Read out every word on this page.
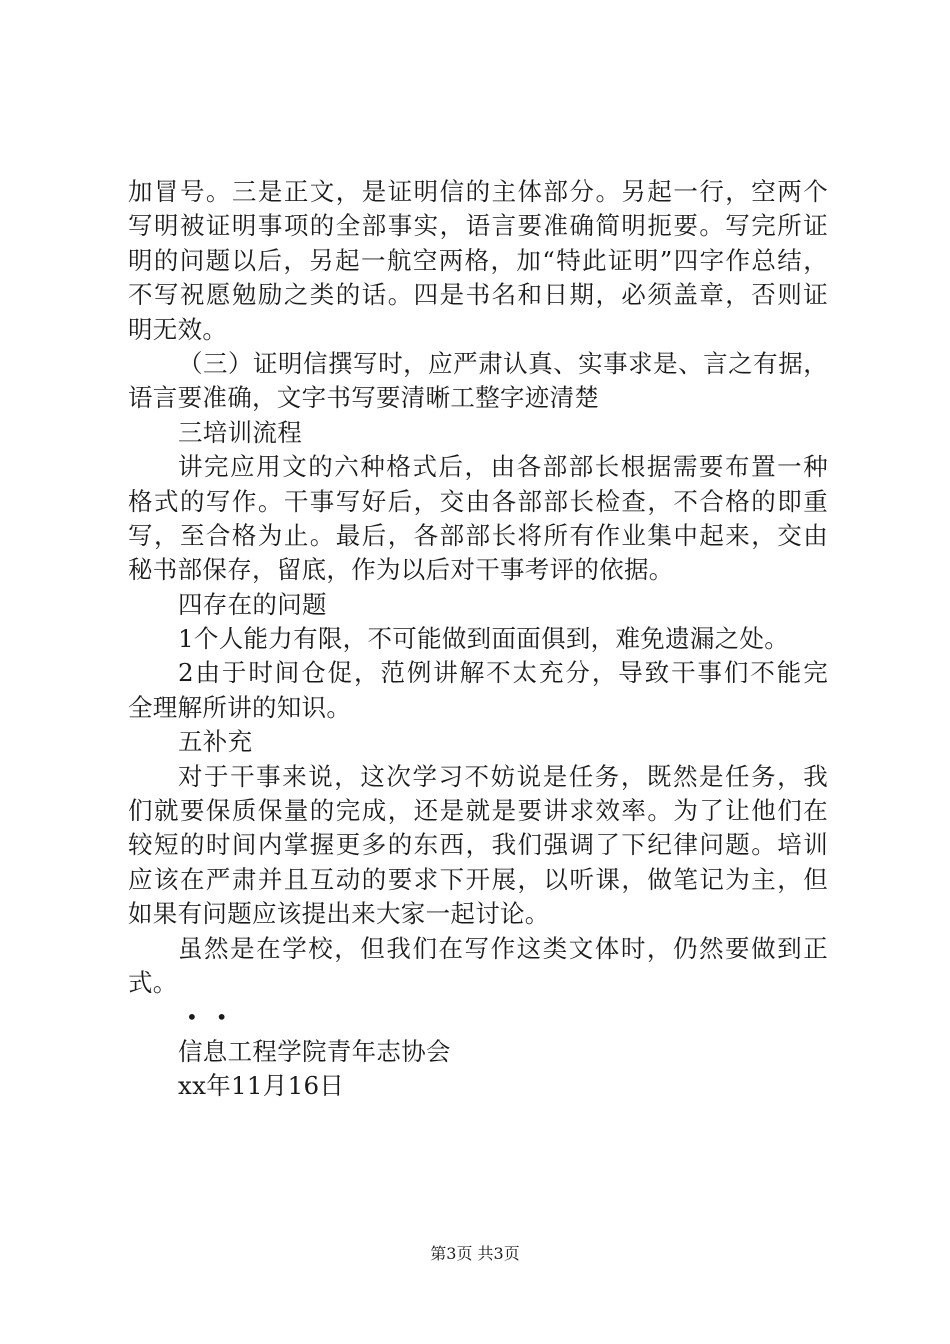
加冒号。三是正文，是证明信的主体部分。另起一行，空两个
写明被证明事项的全部事实，语言要准确简明扼要。写完所证
明的问题以后，另起一航空两格，加“特此证明”四字作总结，
不写祝愿勉励之类的话。四是书名和日期，必须盖章，否则证
明无效。
（三）证明信撰写时，应严肃认真、实事求是、言之有据，
语言要准确，文字书写要清晰工整字迹清楚
三培训流程
讲完应用文的六种格式后，由各部部长根据需要布置一种
格式的写作。干事写好后，交由各部部长检查，不合格的即重
写，至合格为止。最后，各部部长将所有作业集中起来，交由
秘书部保存，留底，作为以后对干事考评的依据。
四存在的问题
1个人能力有限，不可能做到面面俱到，难免遗漏之处。
2由于时间仓促，范例讲解不太充分，导致干事们不能完
全理解所讲的知识。
五补充
对于干事来说，这次学习不妨说是任务，既然是任务，我
们就要保质保量的完成，还是就是要讲求效率。为了让他们在
较短的时间内掌握更多的东西，我们强调了下纪律问题。培训
应该在严肃并且互动的要求下开展，以听课，做笔记为主，但
如果有问题应该提出来大家一起讨论。
虽然是在学校，但我们在写作这类文体时，仍然要做到正
式。
••
信息工程学院青年志协会
xx年11月16日
第3页 共3页
